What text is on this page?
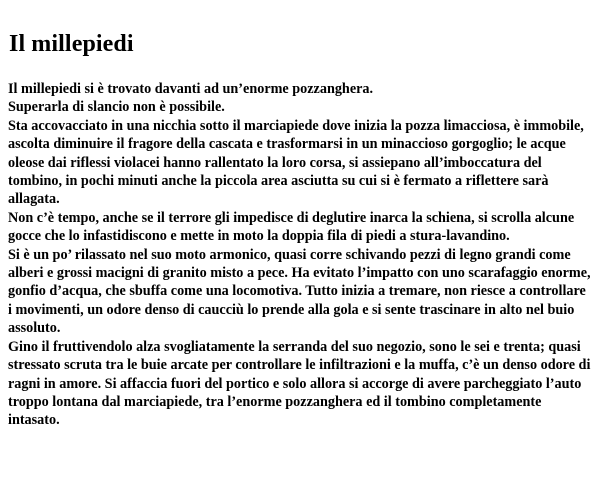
Il millepiedi

Il millepiedi si è trovato davanti ad un’enorme pozzanghera.

Superarla di slancio non è possibile.

Sta accovacciato in una nicchia sotto il marciapiede dove inizia la pozza limacciosa, è immobile, ascolta diminuire il fragore della cascata e trasformarsi in un minaccioso gorgoglio; le acque oleose dai riflessi violacei hanno rallentato la loro corsa, si assiepano all’imboccatura del tombino, in pochi minuti anche la piccola area asciutta su cui si è fermato a riflettere sarà allagata.

Non c’è tempo, anche se il terrore gli impedisce di deglutire inarca la schiena, si scrolla alcune gocce che lo infastidiscono e mette in moto la doppia fila di piedi a stura-lavandino.

Si è un po’ rilassato nel suo moto armonico, quasi corre schivando pezzi di legno grandi come alberi e grossi macigni di granito misto a pece. Ha evitato l’impatto con uno scarafaggio enorme, gonfio d’acqua, che sbuffa come una locomotiva. Tutto inizia a tremare, non riesce a controllare i movimenti, un odore denso di caucciù lo prende alla gola e si sente trascinare in alto nel buio assoluto.

Gino il fruttivendolo alza svogliatamente la serranda del suo negozio, sono le sei e trenta; quasi stressato scruta tra le buie arcate per controllare le infiltrazioni e la muffa, c’è un denso odore di ragni in amore. Si affaccia fuori del portico e solo allora si accorge di avere parcheggiato l’auto troppo lontana dal marciapiede, tra l’enorme pozzanghera ed il tombino completamente intasato.
